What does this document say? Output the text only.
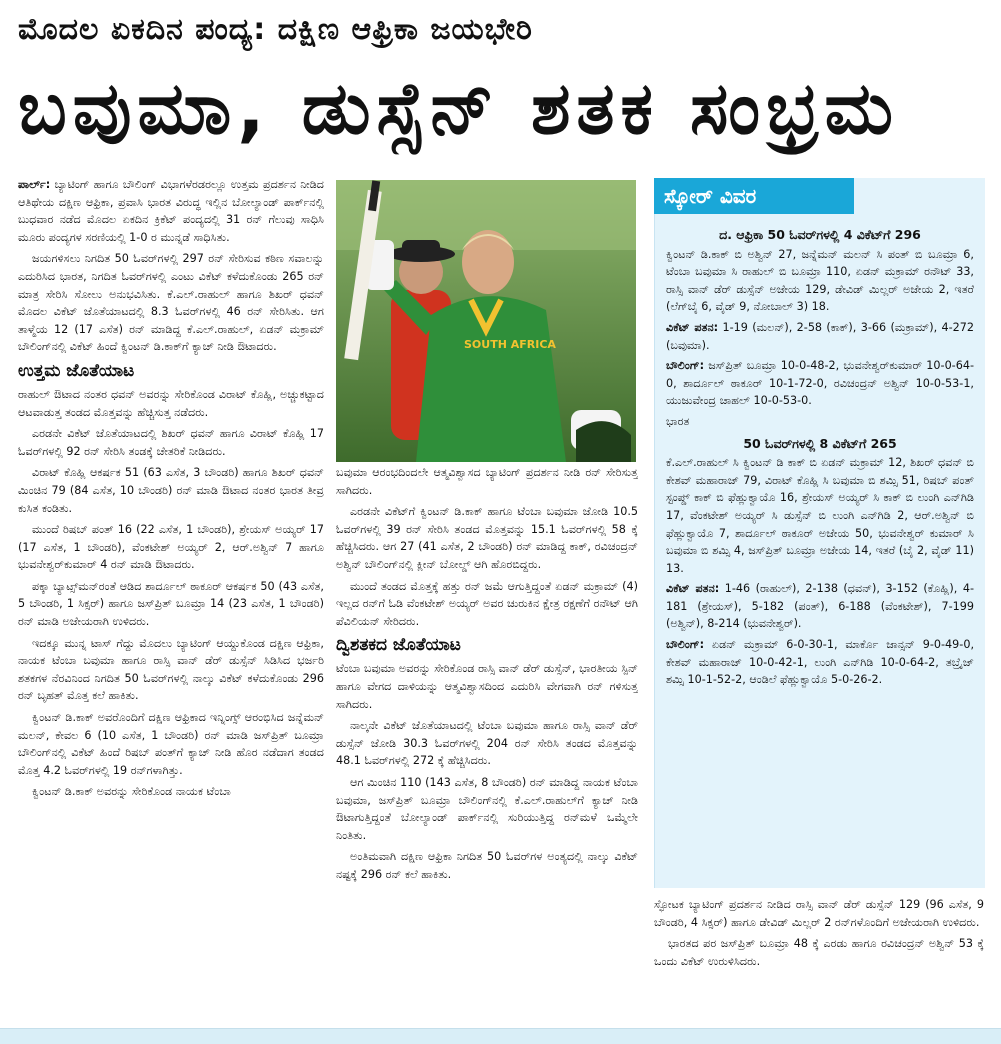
ಮೊದಲ ಏಕದಿನ ಪಂದ್ಯ: ದಕ್ಷಿಣ ಆಫ್ರಿಕಾ ಜಯಭೇರಿ
ಬವುಮಾ, ಡುಸ್ಸೆನ್ ಶತಕ ಸಂಭ್ರಮ

ಪಾರ್ಲ್: ಬ್ಯಾಟಿಂಗ್ ಹಾಗೂ ಬೌಲಿಂಗ್ ವಿಭಾಗಳೆರಡರಲ್ಲೂ ಉತ್ತಮ ಪ್ರದರ್ಶನ ನೀಡಿದ ಆತಿಥೇಯ ದಕ್ಷಿಣ ಆಫ್ರಿಕಾ, ಪ್ರವಾಸಿ ಭಾರತ ವಿರುದ್ಧ ಇಲ್ಲಿನ ಬೋಲ್ಯಾಂಡ್ ಪಾರ್ಕ್‌ನಲ್ಲಿ ಬುಧವಾರ ನಡೆದ ಮೊದಲ ಏಕದಿನ ಕ್ರಿಕೆಟ್ ಪಂದ್ಯದಲ್ಲಿ 31 ರನ್ ಗೆಲುವು ಸಾಧಿಸಿ ಮೂರು ಪಂದ್ಯಗಳ ಸರಣಿಯಲ್ಲಿ 1-0 ರ ಮುನ್ನಡೆ ಸಾಧಿಸಿತು.

ಜಯಗಳಿಸಲು ನಿಗದಿತ 50 ಓವರ್‌ಗಳಲ್ಲಿ 297 ರನ್ ಸೇರಿಸುವ ಕಠಿಣ ಸವಾಲನ್ನು ಎದುರಿಸಿದ ಭಾರತ, ನಿಗದಿತ ಓವರ್‌ಗಳಲ್ಲಿ ಎಂಟು ವಿಕೆಟ್ ಕಳೆದುಕೊಂಡು 265 ರನ್ ಮಾತ್ರ ಸೇರಿಸಿ ಸೋಲು ಅನುಭವಿಸಿತು. ಕೆ.ಎಲ್.ರಾಹುಲ್ ಹಾಗೂ ಶಿಖರ್ ಧವನ್ ಮೊದಲ ವಿಕೆಟ್ ಜೊತೆಯಾಟದಲ್ಲಿ 8.3 ಓವರ್‌ಗಳಲ್ಲಿ 46 ರನ್ ಸೇರಿಸಿತು. ಆಗ ತಾಳ್ಮೆಯ 12 (17 ಎಸೆತ) ರನ್ ಮಾಡಿದ್ದ ಕೆ.ಎಲ್.ರಾಹುಲ್, ಏಡನ್ ಮಕ್ರಾಮ್ ಬೌಲಿಂಗ್‌ನಲ್ಲಿ ವಿಕೆಟ್ ಹಿಂದೆ ಕ್ವಿಂಟನ್ ಡಿ.ಕಾಕ್‌ಗೆ ಕ್ಯಾಚ್ ನೀಡಿ ಔಟಾದರು.

ಉತ್ತಮ ಜೊತೆಯಾಟ

ರಾಹುಲ್ ಔಟಾದ ನಂತರ ಧವನ್ ಅವರನ್ನು ಸೇರಿಕೊಂಡ ವಿರಾಟ್ ಕೊಹ್ಲಿ, ಅಚ್ಚುಕಟ್ಟಾದ ಆಟವಾಡುತ್ತ ತಂಡದ ಮೊತ್ತವನ್ನು ಹೆಚ್ಚಿಸುತ್ತ ನಡೆದರು.

ಎರಡನೇ ವಿಕೆಟ್ ಜೊತೆಯಾಟದಲ್ಲಿ ಶಿಖರ್ ಧವನ್ ಹಾಗೂ ವಿರಾಟ್ ಕೊಹ್ಲಿ 17 ಓವರ್‌ಗಳಲ್ಲಿ 92 ರನ್ ಸೇರಿಸಿ ತಂಡಕ್ಕೆ ಚೇತರಿಕೆ ನೀಡಿದರು.

ವಿರಾಟ್ ಕೊಹ್ಲಿ ಆಕರ್ಷಕ 51 (63 ಎಸೆತ, 3 ಬೌಂಡರಿ) ಹಾಗೂ ಶಿಖರ್ ಧವನ್ ಮಿಂಚಿನ 79 (84 ಎಸೆತ, 10 ಬೌಂಡರಿ) ರನ್ ಮಾಡಿ ಔಟಾದ ನಂತರ ಭಾರತ ತೀವ್ರ ಕುಸಿತ ಕಂಡಿತು.

ಮುಂದೆ ರಿಷಬ್ ಪಂತ್ 16 (22 ಎಸೆತ, 1 ಬೌಂಡರಿ), ಶ್ರೇಯಸ್ ಅಯ್ಯರ್ 17 (17 ಎಸೆತ, 1 ಬೌಂಡರಿ), ವೆಂಕಟೇಶ್ ಅಯ್ಯರ್ 2, ಆರ್.ಅಶ್ವಿನ್ 7 ಹಾಗೂ ಭುವನೇಶ್ವರ್‌ಕುಮಾರ್ 4 ರನ್ ಮಾಡಿ ಔಟಾದರು.

ಪಕ್ಕಾ ಬ್ಯಾಟ್ಸ್‌ಮನ್‌ರಂತೆ ಆಡಿದ ಶಾರ್ದೂಲ್ ಠಾಕೂರ್ ಆಕರ್ಷಕ 50 (43 ಎಸೆತ, 5 ಬೌಂಡರಿ, 1 ಸಿಕ್ಸರ್) ಹಾಗೂ ಜಸ್‌ಪ್ರಿತ್ ಬೂಮ್ರಾ 14 (23 ಎಸೆತ, 1 ಬೌಂಡರಿ) ರನ್ ಮಾಡಿ ಅಜೇಯರಾಗಿ ಉಳಿದರು.

ಇದಕ್ಕೂ ಮುನ್ನ ಟಾಸ್ ಗೆದ್ದು ಮೊದಲು ಬ್ಯಾಟಿಂಗ್ ಆಯ್ದುಕೊಂಡ ದಕ್ಷಿಣ ಆಫ್ರಿಕಾ, ನಾಯಕ ಟೆಂಬಾ ಬವುಮಾ ಹಾಗೂ ರಾಸ್ಸಿ ವಾನ್ ಡೆರ್ ಡುಸ್ಸೆನ್ ಸಿಡಿಸಿದ ಭರ್ಜರಿ ಶತಕಗಳ ನೆರವಿನಿಂದ ನಿಗದಿತ 50 ಓವರ್‌ಗಳಲ್ಲಿ ನಾಲ್ಕು ವಿಕೆಟ್ ಕಳೆದುಕೊಂಡು 296 ರನ್ ಬೃಹತ್ ಮೊತ್ತ ಕಲೆ ಹಾಕಿತು.

ಕ್ವಿಂಟನ್ ಡಿ.ಕಾಕ್ ಅವರೊಂದಿಗೆ ದಕ್ಷಿಣ ಆಫ್ರಿಕಾದ ಇನ್ನಿಂಗ್ಸ್ ಆರಂಭಿಸಿದ ಜನ್ನೆಮನ್ ಮಲನ್, ಕೇವಲ 6 (10 ಎಸೆತ, 1 ಬೌಂಡರಿ) ರನ್ ಮಾಡಿ ಜಸ್‌ಪ್ರಿತ್ ಬೂಮ್ರಾ ಬೌಲಿಂಗ್‌ನಲ್ಲಿ ವಿಕೆಟ್ ಹಿಂದೆ ರಿಷಬ್ ಪಂತ್‌ಗೆ ಕ್ಯಾಚ್ ನೀಡಿ ಹೊರ ನಡೆದಾಗ ತಂಡದ ಮೊತ್ತ 4.2 ಓವರ್‌ಗಳಲ್ಲಿ 19 ರನ್‌ಗಳಾಗಿತ್ತು.

ಕ್ವಿಂಟನ್ ಡಿ.ಕಾಕ್ ಅವರನ್ನು ಸೇರಿಕೊಂಡ ನಾಯಕ ಟೆಂಬಾ

SOUTH AFRICA

ಬವುಮಾ ಆರಂಭದಿಂದಲೇ ಆತ್ಮವಿಶ್ವಾಸದ ಬ್ಯಾಟಿಂಗ್ ಪ್ರದರ್ಶನ ನೀಡಿ ರನ್ ಸೇರಿಸುತ್ತ ಸಾಗಿದರು.

ಎರಡನೇ ವಿಕೆಟ್‌ಗೆ ಕ್ವಿಂಟನ್ ಡಿ.ಕಾಕ್ ಹಾಗೂ ಟೆಂಬಾ ಬವುಮಾ ಜೋಡಿ 10.5 ಓವರ್‌ಗಳಲ್ಲಿ 39 ರನ್ ಸೇರಿಸಿ ತಂಡದ ಮೊತ್ತವನ್ನು 15.1 ಓವರ್‌ಗಳಲ್ಲಿ 58 ಕ್ಕೆ ಹೆಚ್ಚಿಸಿದರು. ಆಗ 27 (41 ಎಸೆತ, 2 ಬೌಂಡರಿ) ರನ್ ಮಾಡಿದ್ದ ಕಾಕ್, ರವಿಚಂದ್ರನ್ ಅಶ್ವಿನ್ ಬೌಲಿಂಗ್‌ನಲ್ಲಿ ಕ್ಲೀನ್ ಬೋಲ್ಡ್ ಆಗಿ ಹೊರಬಿದ್ದರು.

ಮುಂದೆ ತಂಡದ ಮೊತ್ತಕ್ಕೆ ಹತ್ತು ರನ್ ಜಮೆ ಆಗುತ್ತಿದ್ದಂತೆ ಏಡನ್ ಮಕ್ರಾಮ್ (4) ಇಲ್ಲದ ರನ್‌ಗೆ ಓಡಿ ವೆಂಕಟೇಶ್ ಅಯ್ಯರ್ ಅವರ ಚುರುಕಿನ ಕ್ಷೇತ್ರ ರಕ್ಷಣೆಗೆ ರನೌಟ್ ಆಗಿ ಪೆವಿಲಿಯನ್ ಸೇರಿದರು.

ದ್ವಿಶತಕದ ಜೊತೆಯಾಟ

ಟೆಂಬಾ ಬವುಮಾ ಅವರನ್ನು ಸೇರಿಕೊಂಡ ರಾಸ್ಸಿ ವಾನ್ ಡೆರ್ ಡುಸ್ಸೆನ್, ಭಾರತೀಯ ಸ್ಪಿನ್ ಹಾಗೂ ವೇಗದ ದಾಳಿಯನ್ನು ಆತ್ಮವಿಶ್ವಾಸದಿಂದ ಎದುರಿಸಿ ವೇಗವಾಗಿ ರನ್ ಗಳಿಸುತ್ತ ಸಾಗಿದರು.

ನಾಲ್ಕನೇ ವಿಕೆಟ್ ಜೊತೆಯಾಟದಲ್ಲಿ ಟೆಂಬಾ ಬವುಮಾ ಹಾಗೂ ರಾಸ್ಸಿ ವಾನ್ ಡೆರ್ ಡುಸ್ಸೆನ್ ಜೋಡಿ 30.3 ಓವರ್‌ಗಳಲ್ಲಿ 204 ರನ್ ಸೇರಿಸಿ ತಂಡದ ಮೊತ್ತವನ್ನು 48.1 ಓವರ್‌ಗಳಲ್ಲಿ 272 ಕ್ಕೆ ಹೆಚ್ಚಿಸಿದರು.

ಆಗ ಮಿಂಚಿನ 110 (143 ಎಸೆತ, 8 ಬೌಂಡರಿ) ರನ್ ಮಾಡಿದ್ದ ನಾಯಕ ಟೆಂಬಾ ಬವುಮಾ, ಜಸ್‌ಪ್ರಿತ್ ಬೂಮ್ರಾ ಬೌಲಿಂಗ್‌ನಲ್ಲಿ ಕೆ.ಎಲ್.ರಾಹುಲ್‌ಗೆ ಕ್ಯಾಚ್ ನೀಡಿ ಔಟಾಗುತ್ತಿದ್ದಂತೆ ಬೋಲ್ಯಾಂಡ್ ಪಾರ್ಕ್‌ನಲ್ಲಿ ಸುರಿಯುತ್ತಿದ್ದ ರನ್‌ಮಳೆ ಒಮ್ಮೆಲೇ ನಿಂತಿತು.

ಅಂತಿಮವಾಗಿ ದಕ್ಷಿಣ ಆಫ್ರಿಕಾ ನಿಗದಿತ 50 ಓವರ್‌ಗಳ ಅಂತ್ಯದಲ್ಲಿ ನಾಲ್ಕು ವಿಕೆಟ್ ನಷ್ಟಕ್ಕೆ 296 ರನ್ ಕಲೆ ಹಾಕಿತು.

ಸ್ಕೋರ್ ವಿವರ

ದ. ಆಫ್ರಿಕಾ 50 ಓವರ್‌ಗಳಲ್ಲಿ 4 ವಿಕೆಟ್‌ಗೆ 296

ಕ್ವಿಂಟನ್ ಡಿ.ಕಾಕ್ ಬಿ ಅಶ್ವಿನ್ 27, ಜನ್ನೆಮನ್ ಮಲನ್ ಸಿ ಪಂತ್ ಬಿ ಬೂಮ್ರಾ 6, ಟೆಂಬಾ ಬವುಮಾ ಸಿ ರಾಹುಲ್ ಬಿ ಬೂಮ್ರಾ 110, ಏಡನ್ ಮಕ್ರಾಮ್ ರನೌಟ್ 33, ರಾಸ್ಸಿ ವಾನ್ ಡೆರ್ ಡುಸ್ಸೆನ್ ಅಜೇಯ 129, ಡೇವಿಡ್ ಮಿಲ್ಲರ್ ಅಜೇಯ 2, ಇತರೆ (ಲೆಗ್‌ಬೈ 6, ವೈಡ್ 9, ನೋಬಾಲ್ 3) 18.

ವಿಕೆಟ್ ಪತನ: 1-19 (ಮಲನ್), 2-58 (ಕಾಕ್), 3-66 (ಮಕ್ರಾಮ್), 4-272 (ಬವುಮಾ).

ಬೌಲಿಂಗ್: ಜಸ್‌ಪ್ರಿತ್ ಬೂಮ್ರಾ 10-0-48-2, ಭುವನೇಶ್ವರ್‌ಕುಮಾರ್ 10-0-64-0, ಶಾರ್ದೂಲ್ ಠಾಕೂರ್ 10-1-72-0, ರವಿಚಂದ್ರನ್ ಅಶ್ವಿನ್ 10-0-53-1, ಯುಜುವೇಂದ್ರ ಚಾಹಲ್ 10-0-53-0.

ಭಾರತ

50 ಓವರ್‌ಗಳಲ್ಲಿ 8 ವಿಕೆಟ್‌ಗೆ 265

ಕೆ.ಎಲ್.ರಾಹುಲ್ ಸಿ ಕ್ವಿಂಟನ್ ಡಿ ಕಾಕ್ ಬಿ ಏಡನ್ ಮಕ್ರಾಮ್ 12, ಶಿಖರ್ ಧವನ್ ಬಿ ಕೇಶವ್ ಮಹಾರಾಜ್ 79, ವಿರಾಟ್ ಕೊಹ್ಲಿ ಸಿ ಬವುಮಾ ಬಿ ಶಮ್ಸಿ 51, ರಿಷಬ್ ಪಂತ್ ಸ್ಟಂಪ್ಡ್ ಕಾಕ್ ಬಿ ಫೆಹ್ಲುಕ್ವಾಯೊ 16, ಶ್ರೇಯಸ್ ಅಯ್ಯರ್ ಸಿ ಕಾಕ್ ಬಿ ಲುಂಗಿ ಎನ್‌ಗಿಡಿ 17, ವೆಂಕಟೇಶ್ ಅಯ್ಯರ್ ಸಿ ಡುಸ್ಸೆನ್ ಬಿ ಲುಂಗಿ ಎನ್‌ಗಿಡಿ 2, ಆರ್.ಅಶ್ವಿನ್ ಬಿ ಫೆಹ್ಲುಕ್ವಾಯೊ 7, ಶಾರ್ದೂಲ್ ಠಾಕೂರ್ ಅಜೇಯ 50, ಭುವನೇಶ್ವರ್ ಕುಮಾರ್ ಸಿ ಬವುಮಾ ಬಿ ಶಮ್ಸಿ 4, ಜಸ್‌ಪ್ರಿತ್ ಬೂಮ್ರಾ ಅಜೇಯ 14, ಇತರೆ (ಬೈ 2, ವೈಡ್ 11) 13.

ವಿಕೆಟ್ ಪತನ: 1-46 (ರಾಹುಲ್), 2-138 (ಧವನ್), 3-152 (ಕೊಹ್ಲಿ), 4-181 (ಶ್ರೇಯಸ್), 5-182 (ಪಂತ್), 6-188 (ವೆಂಕಟೇಶ್), 7-199 (ಅಶ್ವಿನ್), 8-214 (ಭುವನೇಶ್ವರ್).

ಬೌಲಿಂಗ್: ಏಡನ್ ಮಕ್ರಾಮ್ 6-0-30-1, ಮಾರ್ಕೊ ಜಾನ್ಸನ್ 9-0-49-0, ಕೇಶವ್ ಮಹಾರಾಜ್ 10-0-42-1, ಲುಂಗಿ ಎನ್‌ಗಿಡಿ 10-0-64-2, ತಬ್ರೈಜ್ ಶಮ್ಸಿ 10-1-52-2, ಆಂಡಿಲೆ ಫೆಹ್ಲುಕ್ವಾಯೊ 5-0-26-2.

ಸ್ಫೋಟಕ ಬ್ಯಾಟಿಂಗ್ ಪ್ರದರ್ಶನ ನೀಡಿದ ರಾಸ್ಸಿ ವಾನ್ ಡೆರ್ ಡುಸ್ಸೆನ್ 129 (96 ಎಸೆತ, 9 ಬೌಂಡರಿ, 4 ಸಿಕ್ಸರ್) ಹಾಗೂ ಡೇವಿಡ್ ಮಿಲ್ಲರ್ 2 ರನ್‌ಗಳೊಂದಿಗೆ ಅಜೇಯರಾಗಿ ಉಳಿದರು.

ಭಾರತದ ಪರ ಜಸ್‌ಪ್ರಿತ್ ಬೂಮ್ರಾ 48 ಕ್ಕೆ ಎರಡು ಹಾಗೂ ರವಿಚಂದ್ರನ್ ಅಶ್ವಿನ್ 53 ಕ್ಕೆ ಒಂದು ವಿಕೆಟ್ ಉರುಳಿಸಿದರು.
